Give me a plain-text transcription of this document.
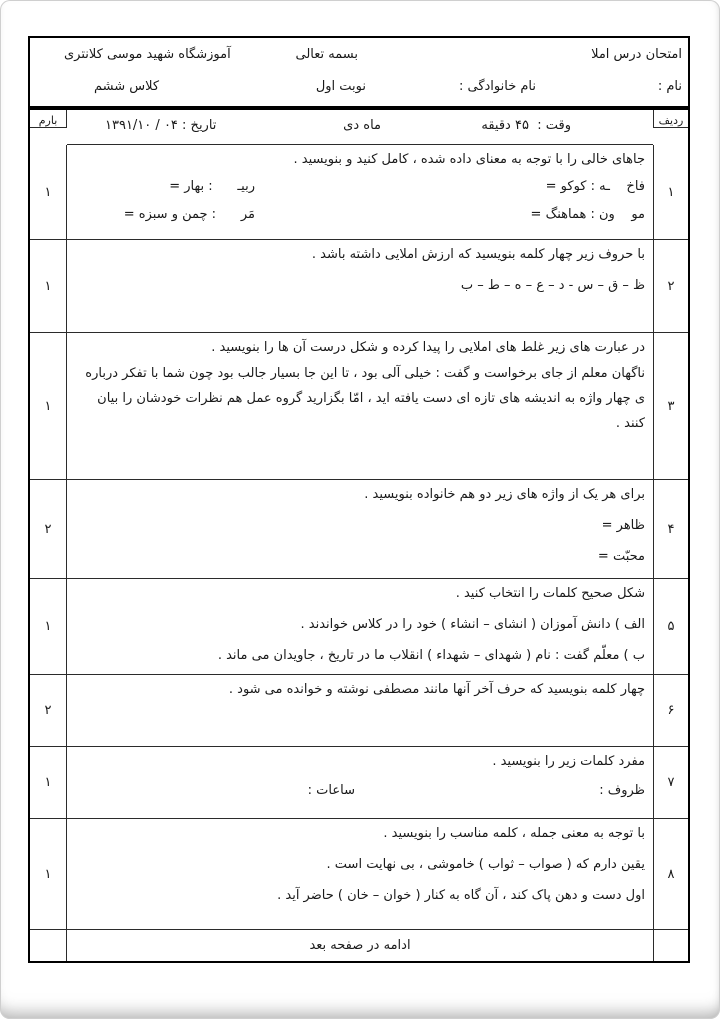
امتحان درس املا
بسمه تعالی
آموزشگاه شهید موسی کلانتری
نام :
نام خانوادگی :
نوبت اول
کلاس ششم
ردیف
وقت :  ۴۵ دقیقه
ماه دی
تاریخ : ۰۴ / ۱۳۹۱/۱۰
بارم
۱
جاهای خالی را با توجه به معنای داده شده ، کامل کنید و بنویسید .
فاخ    ـه : کوکو =
ربیـ      : بهار =
مو    ون : هماهنگ =
مَر      : چمن و سبزه =
۱
۲
با حروف زیر چهار کلمه بنویسید که ارزش املایی داشته باشد .
ظ – ق – س - د – ع – ه – ط – ب
۱
۳
در عبارت های زیر غلط های املایی را پیدا کرده و شکل درست آن ها را بنویسید .
ناگهان معلم از جای برخواست و گفت : خیلی آلی بود ، تا این جا بسیار جالب بود چون شما با تفکر درباره ی چهار واژه به اندیشه های تازه ای دست یافته اید ، امّا بگزارید گروه عمل هم نظرات خودشان را بیان کنند .
۱
۴
برای هر یک از واژه های زیر دو هم خانواده بنویسید .
ظاهر =
محبّت =
۲
۵
شکل صحیح کلمات را انتخاب کنید .
الف ) دانش آموزان ( انشای – انشاء ) خود را در کلاس خواندند .
ب ) معلّم گفت : نام ( شهدای – شهداء ) انقلاب ما در تاریخ ، جاویدان می ماند .
۱
۶
چهار کلمه بنویسید که حرف آخر آنها مانند مصطفی نوشته و خوانده می شود .
۲
۷
مفرد کلمات زیر را بنویسید .
ظروف :
ساعات :
۱
۸
با توجه به معنی جمله ، کلمه مناسب را بنویسید .
یقین دارم که ( صواب – ثواب ) خاموشی ، بی نهایت است .
اول دست و دهن پاک کند ، آن گاه به کنار ( خوان – خان ) حاضر آید .
۱
ادامه در صفحه بعد
